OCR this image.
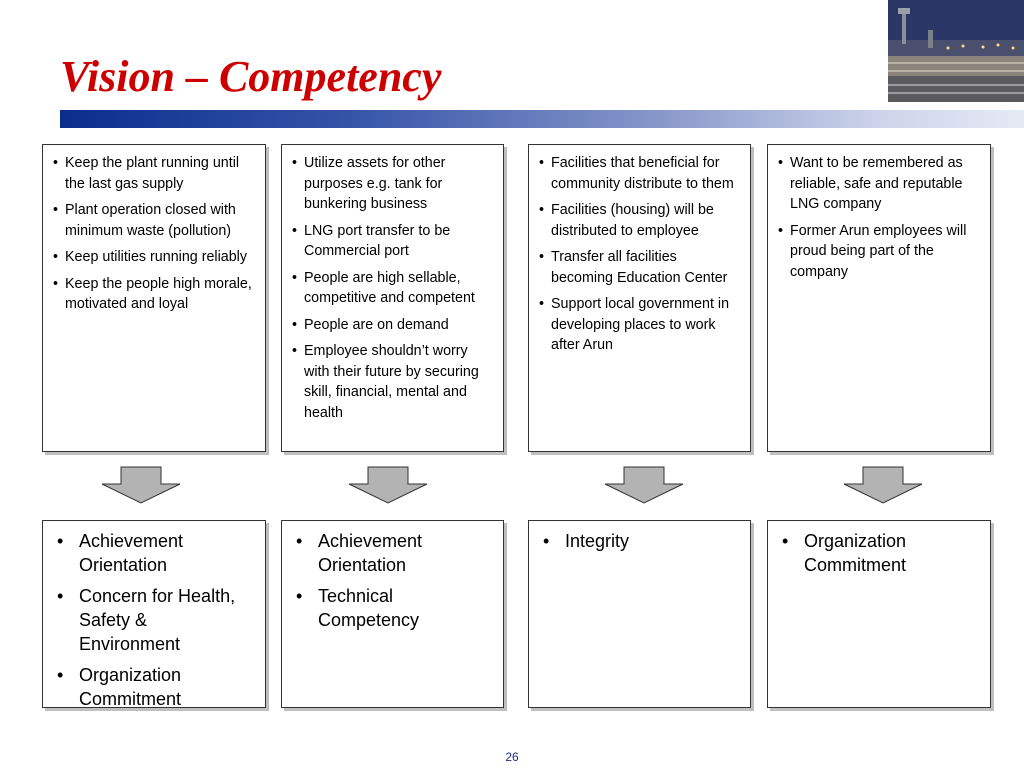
Vision – Competency
• Keep the plant running until the last gas supply
• Plant operation closed with minimum waste (pollution)
• Keep utilities running reliably
• Keep the people high morale, motivated and loyal
• Utilize assets for other purposes e.g. tank for bunkering business
• LNG port transfer to be Commercial port
• People are high sellable, competitive and competent
• People are on demand
• Employee shouldn’t worry with their future by securing skill, financial, mental and health
• Facilities that beneficial for community distribute to them
• Facilities (housing) will be distributed to employee
• Transfer all facilities becoming Education Center
• Support local government in developing places to work after Arun
• Want to be remembered as reliable, safe and reputable LNG company
• Former Arun employees will proud being part of the company
• Achievement Orientation
• Concern for Health, Safety & Environment
• Organization Commitment
• Achievement Orientation
• Technical Competency
• Integrity
•	Organization Commitment
26
